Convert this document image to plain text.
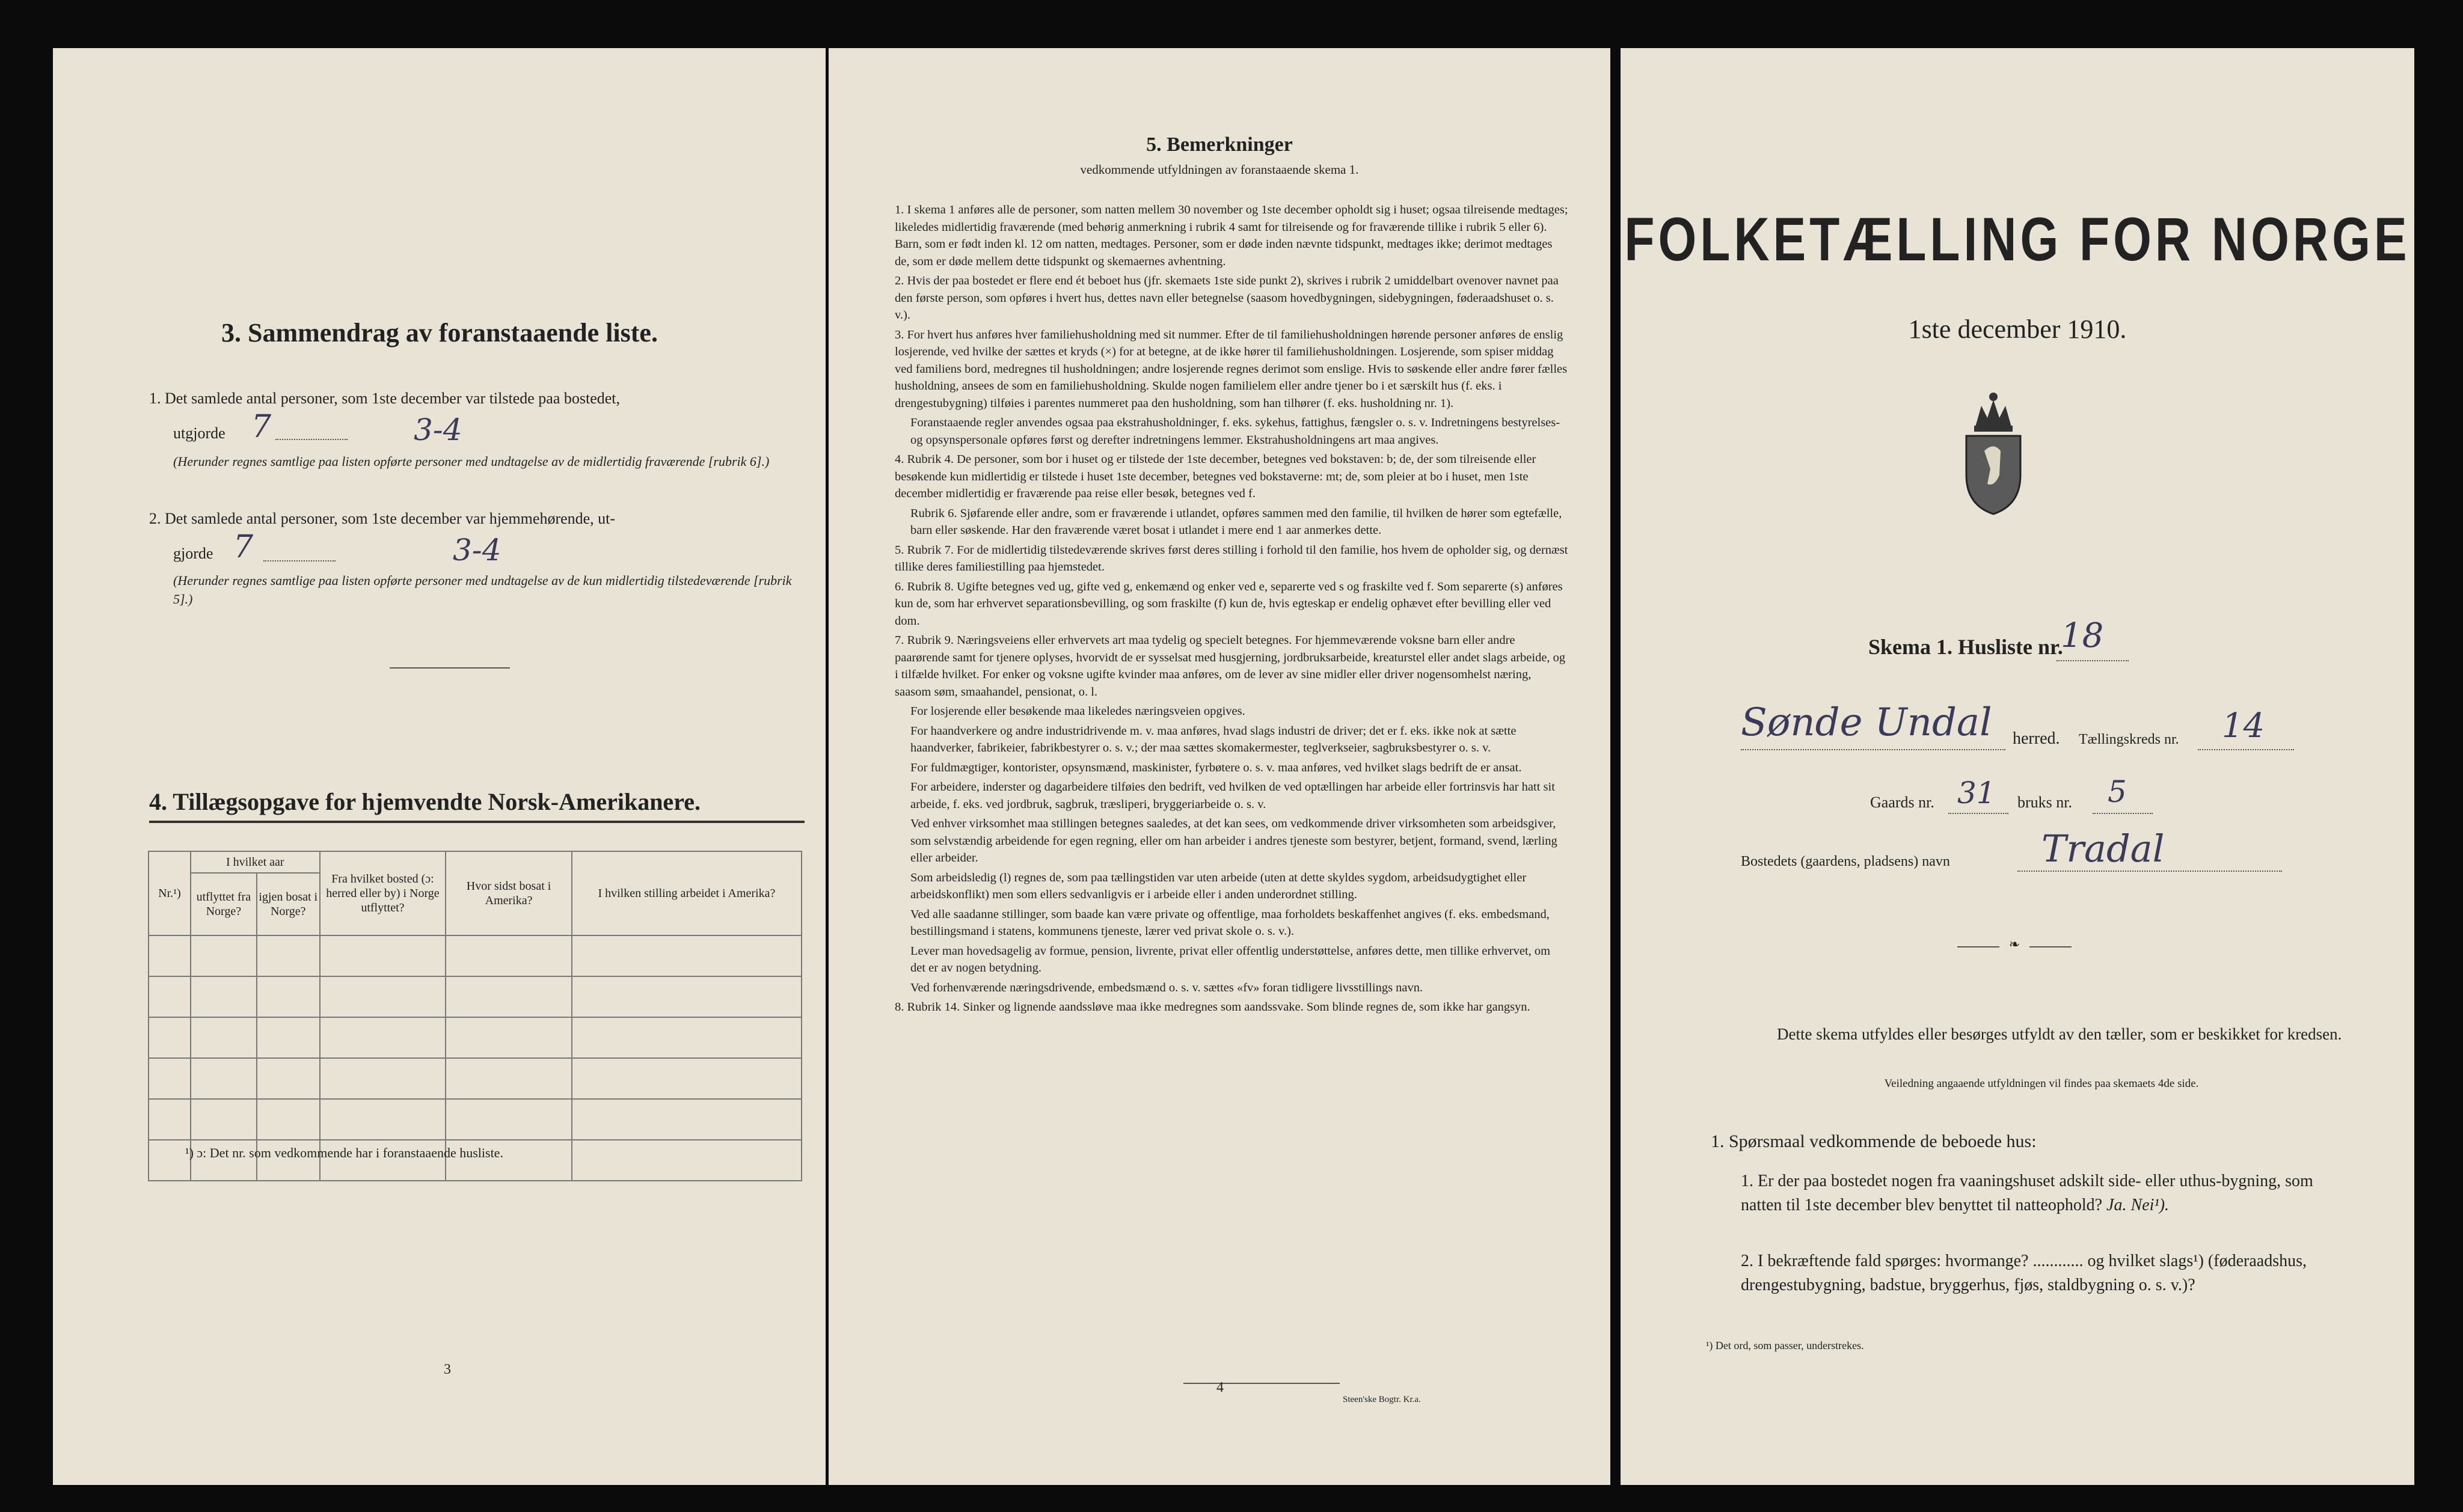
3. Sammendrag av foranstaaende liste.
1. Det samlede antal personer, som 1ste december var tilstede paa bostedet,
utgjorde 7	3-4
(Herunder regnes samtlige paa listen opførte personer med undtagelse av de midlertidig fraværende [rubrik 6].)
2. Det samlede antal personer, som 1ste december var hjemmehørende, ut-
gjorde 7	3-4
(Herunder regnes samtlige paa listen opførte personer med undtagelse av de kun midlertidig tilstedeværende [rubrik 5].)
4. Tillægsopgave for hjemvendte Norsk-Amerikanere.
Nr.¹)	I hvilket aar		Fra hvilket bosted (ɔ: herred eller by) i Norge utflyttet?	Hvor sidst bosat i Amerika?	I hvilken stilling arbeidet i Amerika?
	utflyttet fra Norge?	igjen bosat i Norge?			

¹) ɔ: Det nr. som vedkommende har i foranstaaende husliste.
3
5. Bemerkninger
vedkommende utfyldningen av foranstaaende skema 1.

1. I skema 1 anføres alle de personer, som natten mellem 30 november og 1ste december opholdt sig i huset; ogsaa tilreisende medtages; likeledes midlertidig fraværende (med behørig anmerkning i rubrik 4 samt for tilreisende og for fraværende tillike i rubrik 5 eller 6). Barn, som er født inden kl. 12 om natten, medtages. Personer, som er døde inden nævnte tidspunkt, medtages ikke; derimot medtages de, som er døde mellem dette tidspunkt og skemaernes avhentning.

2. Hvis der paa bostedet er flere end ét beboet hus (jfr. skemaets 1ste side punkt 2), skrives i rubrik 2 umiddelbart ovenover navnet paa den første person, som opføres i hvert hus, dettes navn eller betegnelse (saasom hovedbygningen, sidebygningen, føderaadshuset o. s. v.).

3. For hvert hus anføres hver familiehusholdning med sit nummer. Efter de til familiehusholdningen hørende personer anføres de enslig losjerende, ved hvilke der sættes et kryds (×) for at betegne, at de ikke hører til familiehusholdningen. Losjerende, som spiser middag ved familiens bord, medregnes til husholdningen; andre losjerende regnes derimot som enslige. Hvis to søskende eller andre fører fælles husholdning, ansees de som en familiehusholdning. Skulde nogen familielem eller andre tjener bo i et særskilt hus (f. eks. i drengestubygning) tilføies i parentes nummeret paa den husholdning, som han tilhører (f. eks. husholdning nr. 1).

Foranstaaende regler anvendes ogsaa paa ekstrahusholdninger, f. eks. sykehus, fattighus, fængsler o. s. v. Indretningens bestyrelses- og opsynspersonale opføres først og derefter indretningens lemmer. Ekstrahusholdningens art maa angives.

4. Rubrik 4. De personer, som bor i huset og er tilstede der 1ste december, betegnes ved bokstaven: b; de, der som tilreisende eller besøkende kun midlertidig er tilstede i huset 1ste december, betegnes ved bokstaverne: mt; de, som pleier at bo i huset, men 1ste december midlertidig er fraværende paa reise eller besøk, betegnes ved f.

Rubrik 6. Sjøfarende eller andre, som er fraværende i utlandet, opføres sammen med den familie, til hvilken de hører som egtefælle, barn eller søskende. Har den fraværende været bosat i utlandet i mere end 1 aar anmerkes dette.

5. Rubrik 7. For de midlertidig tilstedeværende skrives først deres stilling i forhold til den familie, hos hvem de opholder sig, og dernæst tillike deres familiestilling paa hjemstedet.

6. Rubrik 8. Ugifte betegnes ved ug, gifte ved g, enkemænd og enker ved e, separerte ved s og fraskilte ved f. Som separerte (s) anføres kun de, som har erhvervet separationsbevilling, og som fraskilte (f) kun de, hvis egteskap er endelig ophævet efter bevilling eller ved dom.

7. Rubrik 9. Næringsveiens eller erhvervets art maa tydelig og specielt betegnes. For hjemmeværende voksne barn eller andre paarørende samt for tjenere oplyses, hvorvidt de er sysselsat med husgjerning, jordbruksarbeide, kreaturstel eller andet slags arbeide, og i tilfælde hvilket. For enker og voksne ugifte kvinder maa anføres, om de lever av sine midler eller driver nogensomhelst næring, saasom søm, smaahandel, pensionat, o. l.

For losjerende eller besøkende maa likeledes næringsveien opgives.

For haandverkere og andre industridrivende m. v. maa anføres, hvad slags industri de driver; det er f. eks. ikke nok at sætte haandverker, fabrikeier, fabrikbestyrer o. s. v.; der maa sættes skomakermester, teglverkseier, sagbruksbestyrer o. s. v.

For fuldmægtiger, kontorister, opsynsmænd, maskinister, fyrbøtere o. s. v. maa anføres, ved hvilket slags bedrift de er ansat.

For arbeidere, inderster og dagarbeidere tilføies den bedrift, ved hvilken de ved optællingen har arbeide eller fortrinsvis har hatt sit arbeide, f. eks. ved jordbruk, sagbruk, træsliperi, bryggeriarbeide o. s. v.

Ved enhver virksomhet maa stillingen betegnes saaledes, at det kan sees, om vedkommende driver virksomheten som arbeidsgiver, som selvstændig arbeidende for egen regning, eller om han arbeider i andres tjeneste som bestyrer, betjent, formand, svend, lærling eller arbeider.

Som arbeidsledig (l) regnes de, som paa tællingstiden var uten arbeide (uten at dette skyldes sygdom, arbeidsudygtighet eller arbeidskonflikt) men som ellers sedvanligvis er i arbeide eller i anden underordnet stilling.

Ved alle saadanne stillinger, som baade kan være private og offentlige, maa forholdets beskaffenhet angives (f. eks. embedsmand, bestillingsmand i statens, kommunens tjeneste, lærer ved privat skole o. s. v.).

Lever man hovedsagelig av formue, pension, livrente, privat eller offentlig understøttelse, anføres dette, men tillike erhvervet, om det er av nogen betydning.

Ved forhenværende næringsdrivende, embedsmænd o. s. v. sættes «fv» foran tidligere livsstillings navn.

8. Rubrik 14. Sinker og lignende aandssløve maa ikke medregnes som aandssvake. Som blinde regnes de, som ikke har gangsyn.

4
Steen'ske Bogtr. Kr.a.
FOLKETÆLLING FOR NORGE
1ste december 1910.
Skema 1. Husliste nr.
18
Sønde Undal herred. Tællingskreds nr. 14
Gaards nr. 31 bruks nr. 5
Bostedets (gaardens, pladsens) navn Tradal
❧
Dette skema utfyldes eller besørges utfyldt av den tæller, som er beskikket for kredsen.
Veiledning angaaende utfyldningen vil findes paa skemaets 4de side.
1. Spørsmaal vedkommende de beboede hus:
1. Er der paa bostedet nogen fra vaaningshuset adskilt side- eller uthus-bygning, som natten til 1ste december blev benyttet til natteophold? Ja. Nei¹).
2. I bekræftende fald spørges: hvormange? ............ og hvilket slags¹) (føderaadshus, drengestubygning, badstue, bryggerhus, fjøs, staldbygning o. s. v.)?
¹) Det ord, som passer, understrekes.
